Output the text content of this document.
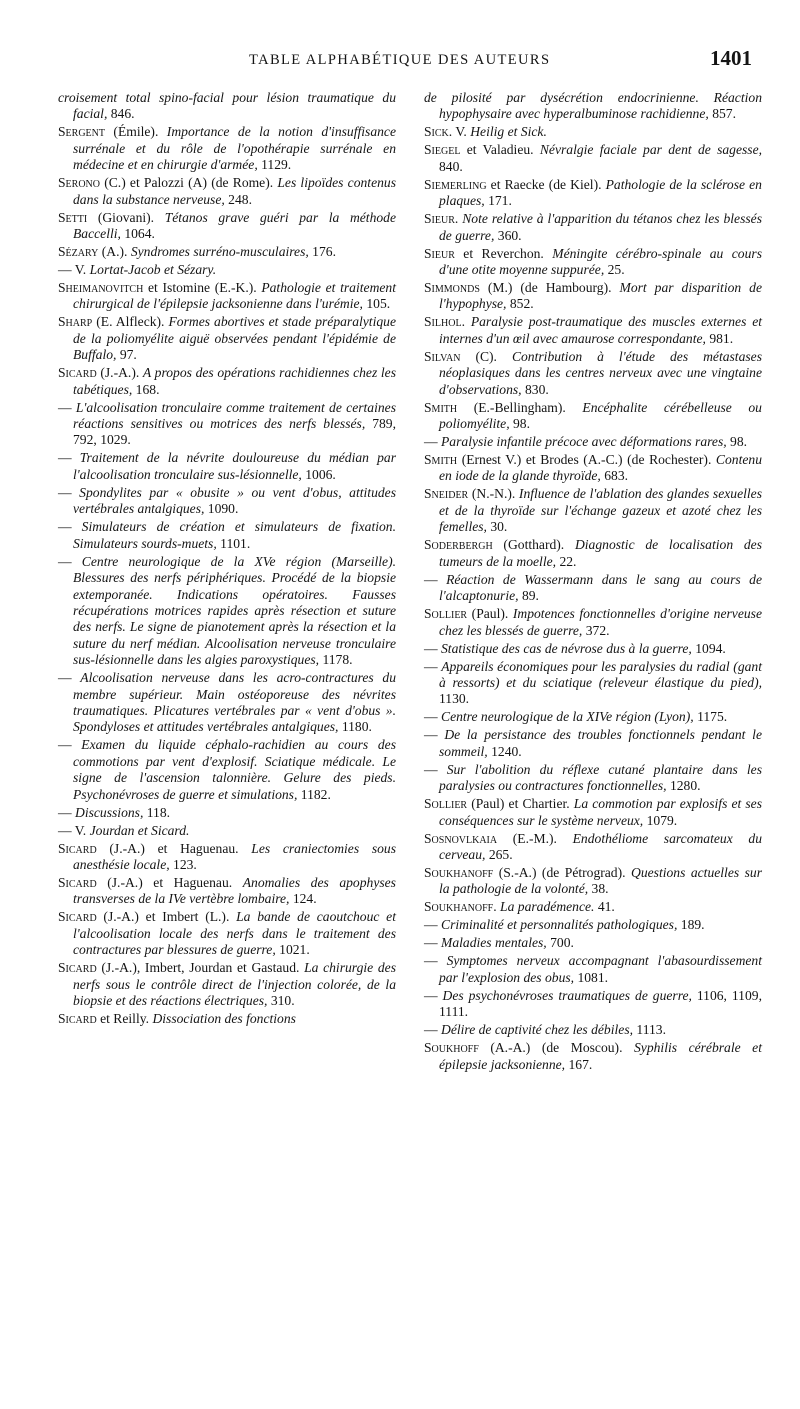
TABLE ALPHABÉTIQUE DES AUTEURS	1401

croisement total spino-facial pour lésion traumatique du facial, 846.

Sergent (Émile). Importance de la notion d'insuffisance surrénale et du rôle de l'opothérapie surrénale en médecine et en chirurgie d'armée, 1129.

Serono (C.) et Palozzi (A) (de Rome). Les lipoïdes contenus dans la substance nerveuse, 248.

Setti (Giovani). Tétanos grave guéri par la méthode Baccelli, 1064.

Sézary (A.). Syndromes surréno-musculaires, 176.

— V. Lortat-Jacob et Sézary.

Sheimanovitch et Istomine (E.-K.). Pathologie et traitement chirurgical de l'épilepsie jacksonienne dans l'urémie, 105.

Sharp (E. Alfleck). Formes abortives et stade préparalytique de la poliomyélite aiguë observées pendant l'épidémie de Buffalo, 97.

Sicard (J.-A.). A propos des opérations rachidiennes chez les tabétiques, 168.

— L'alcoolisation tronculaire comme traitement de certaines réactions sensitives ou motrices des nerfs blessés, 789, 792, 1029.

— Traitement de la névrite douloureuse du médian par l'alcoolisation tronculaire sus-lésionnelle, 1006.

— Spondylites par « obusite » ou vent d'obus, attitudes vertébrales antalgiques, 1090.

— Simulateurs de création et simulateurs de fixation. Simulateurs sourds-muets, 1101.

— Centre neurologique de la XVe région (Marseille). Blessures des nerfs périphériques. Procédé de la biopsie extemporanée. Indications opératoires. Fausses récupérations motrices rapides après résection et suture des nerfs. Le signe de pianotement après la résection et la suture du nerf médian. Alcoolisation nerveuse tronculaire sus-lésionnelle dans les algies paroxystiques, 1178.

— Alcoolisation nerveuse dans les acro-contractures du membre supérieur. Main ostéoporeuse des névrites traumatiques. Plicatures vertébrales par « vent d'obus ». Spondyloses et attitudes vertébrales antalgiques, 1180.

— Examen du liquide céphalo-rachidien au cours des commotions par vent d'explosif. Sciatique médicale. Le signe de l'ascension talonnière. Gelure des pieds. Psychonévroses de guerre et simulations, 1182.

— Discussions, 118.

— V. Jourdan et Sicard.

Sicard (J.-A.) et Haguenau. Les craniectomies sous anesthésie locale, 123.

Sicard (J.-A.) et Haguenau. Anomalies des apophyses transverses de la IVe vertèbre lombaire, 124.

Sicard (J.-A.) et Imbert (L.). La bande de caoutchouc et l'alcoolisation locale des nerfs dans le traitement des contractures par blessures de guerre, 1021.

Sicard (J.-A.), Imbert, Jourdan et Gastaud. La chirurgie des nerfs sous le contrôle direct de l'injection colorée, de la biopsie et des réactions électriques, 310.

Sicard et Reilly. Dissociation des fonctions

de pilosité par dysécrétion endocrinienne. Réaction hypophysaire avec hyperalbuminose rachidienne, 857.

Sick. V. Heilig et Sick.

Siegel et Valadieu. Névralgie faciale par dent de sagesse, 840.

Siemerling et Raecke (de Kiel). Pathologie de la sclérose en plaques, 171.

Sieur. Note relative à l'apparition du tétanos chez les blessés de guerre, 360.

Sieur et Reverchon. Méningite cérébro-spinale au cours d'une otite moyenne suppurée, 25.

Simmonds (M.) (de Hambourg). Mort par disparition de l'hypophyse, 852.

Silhol. Paralysie post-traumatique des muscles externes et internes d'un œil avec amaurose correspondante, 981.

Silvan (C). Contribution à l'étude des métastases néoplasiques dans les centres nerveux avec une vingtaine d'observations, 830.

Smith (E.-Bellingham). Encéphalite cérébelleuse ou poliomyélite, 98.

— Paralysie infantile précoce avec déformations rares, 98.

Smith (Ernest V.) et Brodes (A.-C.) (de Rochester). Contenu en iode de la glande thyroïde, 683.

Sneider (N.-N.). Influence de l'ablation des glandes sexuelles et de la thyroïde sur l'échange gazeux et azoté chez les femelles, 30.

Soderbergh (Gotthard). Diagnostic de localisation des tumeurs de la moelle, 22.

— Réaction de Wassermann dans le sang au cours de l'alcaptonurie, 89.

Sollier (Paul). Impotences fonctionnelles d'origine nerveuse chez les blessés de guerre, 372.

— Statistique des cas de névrose dus à la guerre, 1094.

— Appareils économiques pour les paralysies du radial (gant à ressorts) et du sciatique (releveur élastique du pied), 1130.

— Centre neurologique de la XIVe région (Lyon), 1175.

— De la persistance des troubles fonctionnels pendant le sommeil, 1240.

— Sur l'abolition du réflexe cutané plantaire dans les paralysies ou contractures fonctionnelles, 1280.

Sollier (Paul) et Chartier. La commotion par explosifs et ses conséquences sur le système nerveux, 1079.

Sosnovlkaia (E.-M.). Endothéliome sarcomateux du cerveau, 265.

Soukhanoff (S.-A.) (de Pétrograd). Questions actuelles sur la pathologie de la volonté, 38.

Soukhanoff. La paradémence. 41.

— Criminalité et personnalités pathologiques, 189.

— Maladies mentales, 700.

— Symptomes nerveux accompagnant l'abasourdissement par l'explosion des obus, 1081.

— Des psychonévroses traumatiques de guerre, 1106, 1109, 1111.

— Délire de captivité chez les débiles, 1113.

Soukhoff (A.-A.) (de Moscou). Syphilis cérébrale et épilepsie jacksonienne, 167.
